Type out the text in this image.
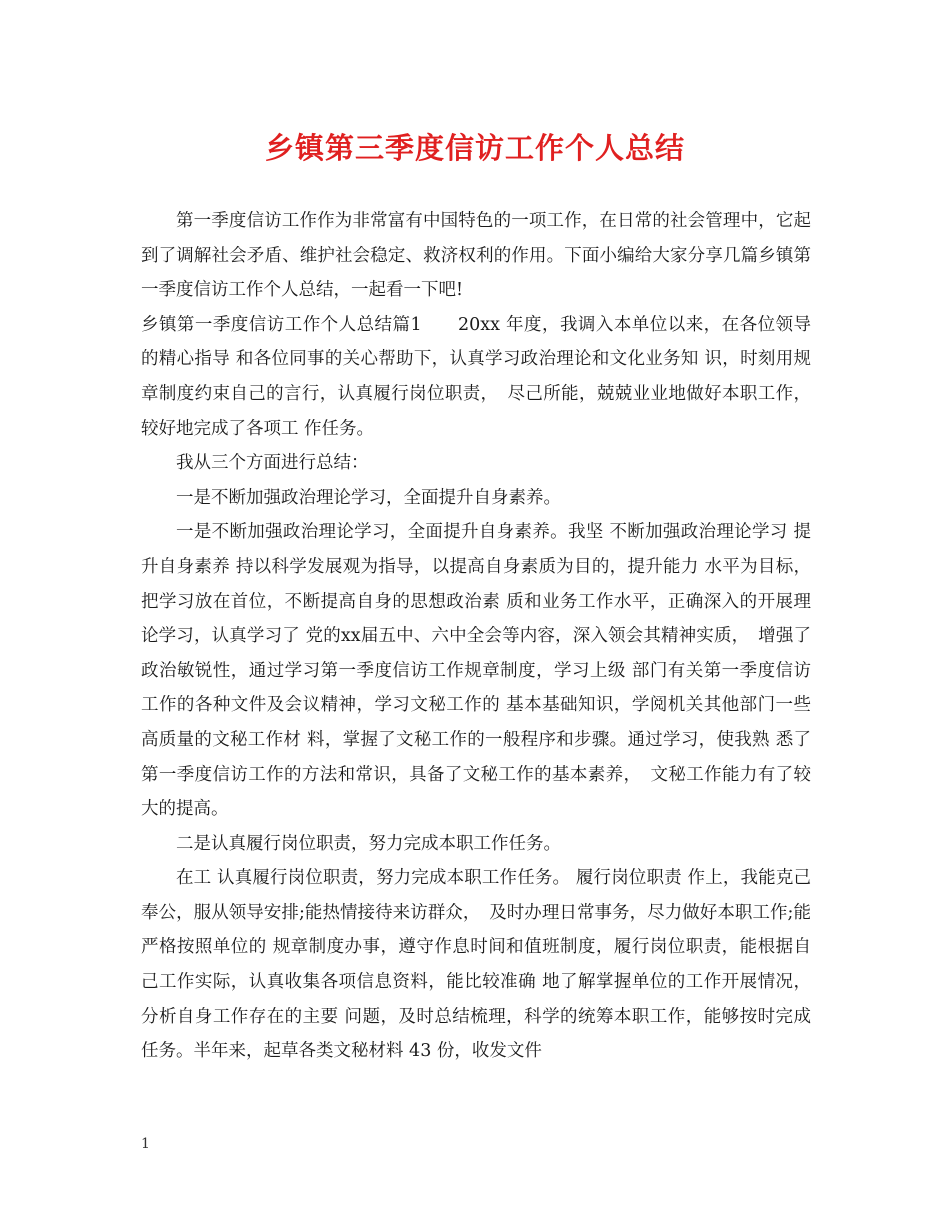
乡镇第三季度信访工作个人总结

第一季度信访工作作为非常富有中国特色的一项工作，在日常的社会管理中，它起到了调解社会矛盾、维护社会稳定、救济权利的作用。下面小编给大家分享几篇乡镇第一季度信访工作个人总结，一起看一下吧!

乡镇第一季度信访工作个人总结篇1　　20xx 年度，我调入本单位以来，在各位领导的精心指导 和各位同事的关心帮助下，认真学习政治理论和文化业务知 识，时刻用规章制度约束自己的言行，认真履行岗位职责，　尽己所能，兢兢业业地做好本职工作，较好地完成了各项工 作任务。

我从三个方面进行总结：

一是不断加强政治理论学习，全面提升自身素养。

一是不断加强政治理论学习，全面提升自身素养。我坚 不断加强政治理论学习 提升自身素养 持以科学发展观为指导，以提高自身素质为目的，提升能力 水平为目标，把学习放在首位，不断提高自身的思想政治素 质和业务工作水平，正确深入的开展理论学习，认真学习了 党的xx届五中、六中全会等内容，深入领会其精神实质，　增强了政治敏锐性，通过学习第一季度信访工作规章制度，学习上级 部门有关第一季度信访工作的各种文件及会议精神，学习文秘工作的 基本基础知识，学阅机关其他部门一些高质量的文秘工作材 料，掌握了文秘工作的一般程序和步骤。通过学习，使我熟 悉了第一季度信访工作的方法和常识，具备了文秘工作的基本素养，　文秘工作能力有了较大的提高。

二是认真履行岗位职责，努力完成本职工作任务。

在工 认真履行岗位职责，努力完成本职工作任务。 履行岗位职责 作上，我能克己奉公，服从领导安排;能热情接待来访群众，　及时办理日常事务，尽力做好本职工作;能严格按照单位的 规章制度办事，遵守作息时间和值班制度，履行岗位职责，能根据自己工作实际，认真收集各项信息资料，能比较准确 地了解掌握单位的工作开展情况，分析自身工作存在的主要 问题，及时总结梳理，科学的统筹本职工作，能够按时完成 任务。半年来，起草各类文秘材料 43 份，收发文件

1
